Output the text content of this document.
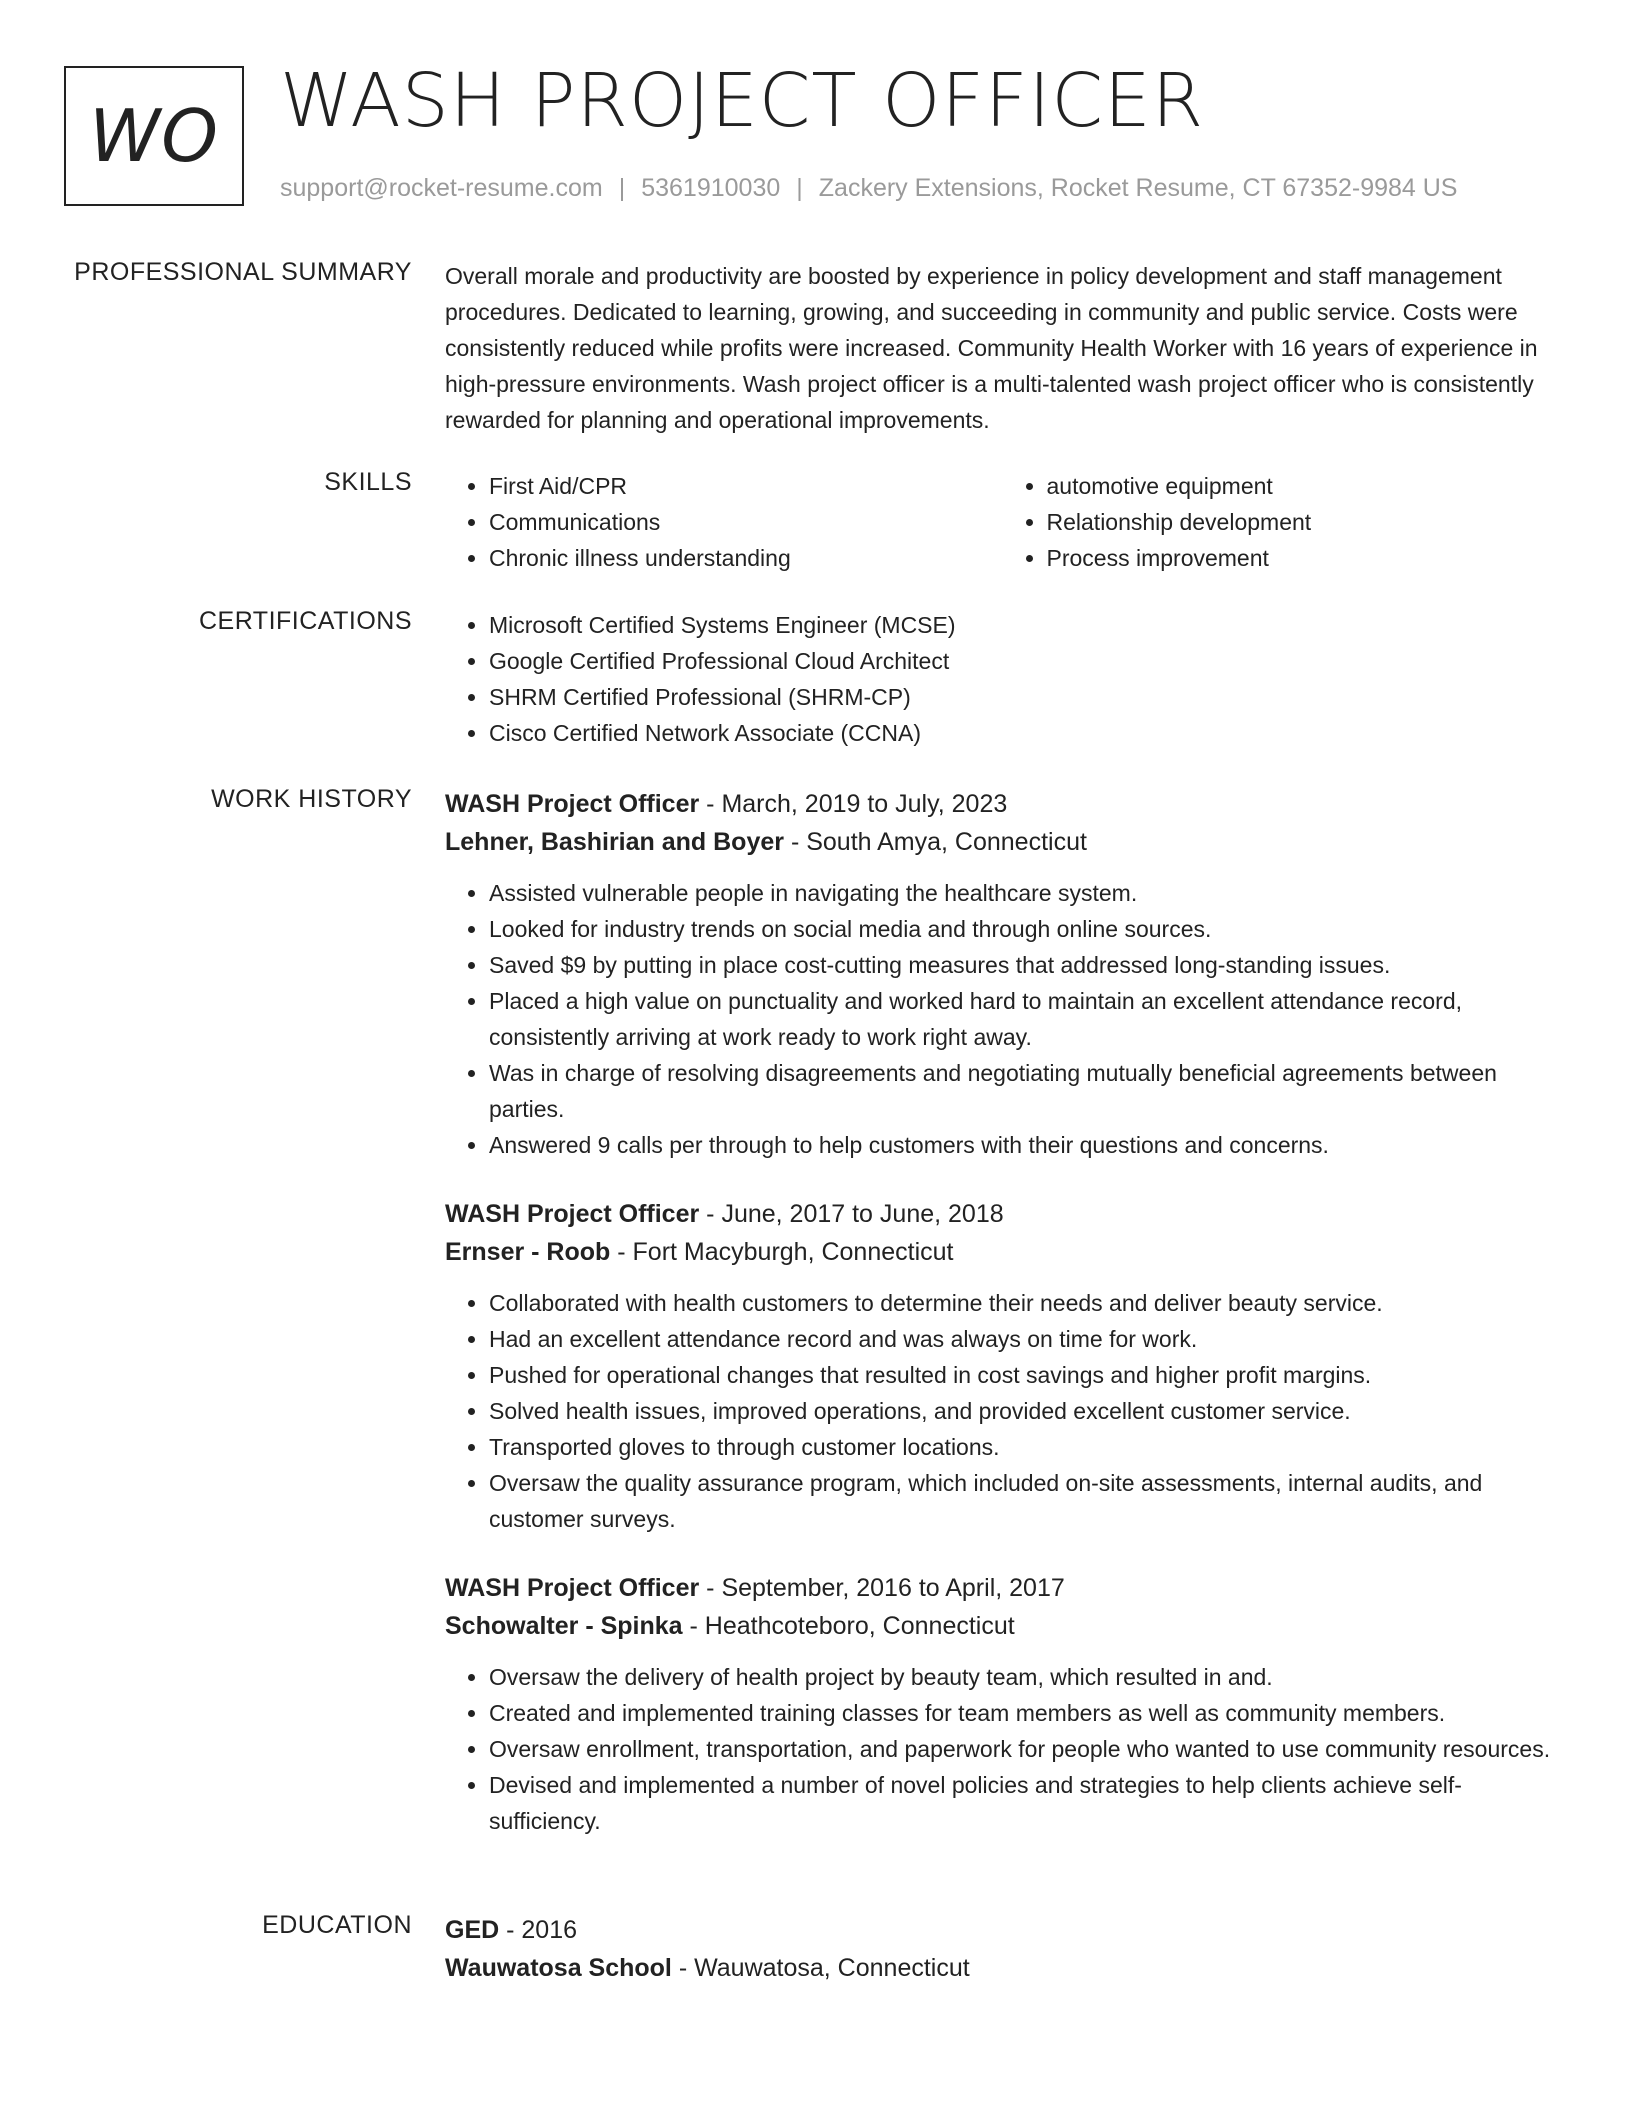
WO WASH PROJECT OFFICER
support@rocket-resume.com | 5361910030 | Zackery Extensions, Rocket Resume, CT 67352-9984 US
PROFESSIONAL SUMMARY Overall morale and productivity are boosted by experience in policy development and staff management procedures. Dedicated to learning, growing, and succeeding in community and public service. Costs were consistently reduced while profits were increased. Community Health Worker with 16 years of experience in high-pressure environments. Wash project officer is a multi-talented wash project officer who is consistently rewarded for planning and operational improvements.

SKILLS	• First Aid/CPR
• Communications
• Chronic illness understanding
• automotive equipment
• Relationship development
• Process improvement
CERTIFICATIONS	• Microsoft Certified Systems Engineer (MCSE)
• Google Certified Professional Cloud Architect
• SHRM Certified Professional (SHRM-CP)
• Cisco Certified Network Associate (CCNA)
WORK HISTORY WASH Project Officer - March, 2019 to July, 2023
Lehner, Bashirian and Boyer - South Amya, Connecticut
• Assisted vulnerable people in navigating the healthcare system.
• Looked for industry trends on social media and through online sources.
• Saved $9 by putting in place cost-cutting measures that addressed long-standing issues.
• Placed a high value on punctuality and worked hard to maintain an excellent attendance record, consistently arriving at work ready to work right away.
• Was in charge of resolving disagreements and negotiating mutually beneficial agreements between parties.
• Answered 9 calls per through to help customers with their questions and concerns.
WASH Project Officer - June, 2017 to June, 2018
Ernser - Roob - Fort Macyburgh, Connecticut
• Collaborated with health customers to determine their needs and deliver beauty service.
• Had an excellent attendance record and was always on time for work.
• Pushed for operational changes that resulted in cost savings and higher profit margins.
• Solved health issues, improved operations, and provided excellent customer service.
• Transported gloves to through customer locations.
• Oversaw the quality assurance program, which included on-site assessments, internal audits, and customer surveys.
WASH Project Officer - September, 2016 to April, 2017
Schowalter - Spinka - Heathcoteboro, Connecticut
• Oversaw the delivery of health project by beauty team, which resulted in and.
• Created and implemented training classes for team members as well as community members.
• Oversaw enrollment, transportation, and paperwork for people who wanted to use community resources.
• Devised and implemented a number of novel policies and strategies to help clients achieve self-sufficiency.
EDUCATION GED - 2016
Wauwatosa School - Wauwatosa, Connecticut
